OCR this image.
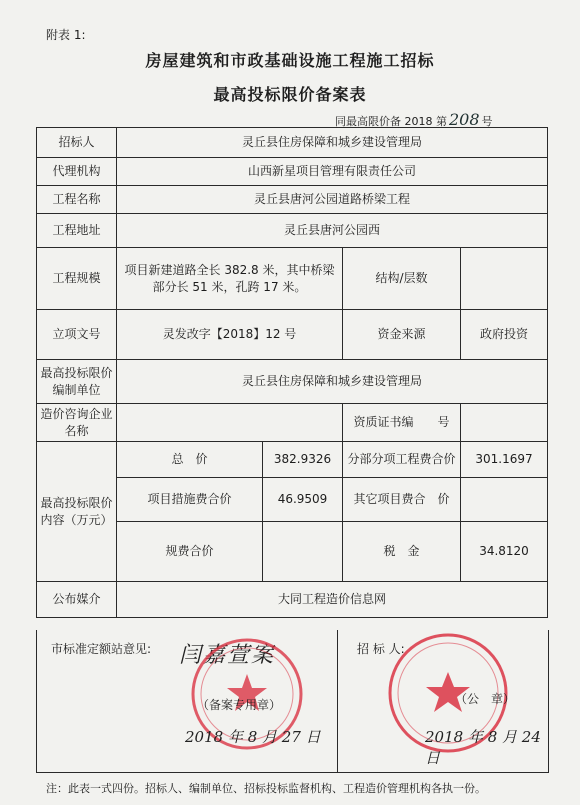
附表 1:
房屋建筑和市政基础设施工程施工招标
最高投标限价备案表
同最高限价备 2018 第 208 号
招标人	灵丘县住房保障和城乡建设管理局			
代理机构	山西新星项目管理有限责任公司			
工程名称	灵丘县唐河公园道路桥梁工程			
工程地址	灵丘县唐河公园西			
工程规模	项目新建道路全长 382.8 米，其中桥梁部分长 51 米，孔跨 17 米。		结构/层数	
立项文号	灵发改字【2018】12 号		资金来源	政府投资
最高投标限价编制单位	灵丘县住房保障和城乡建设管理局			
造价咨询企业名称			资质证书编　　号	
最高投标限价内容（万元）	总　价	382.9326	分部分项工程费合价	301.1697
	项目措施费合价	46.9509	其它项目费合　价	
	规费合价		税　金	34.8120
公布媒介	大同工程造价信息网			
市标准定额站意见: 闫嘉萱案	招 标 人:
（备案专用章）	（公　章）
2018 年 8 月 27 日	2018 年 8 月 24 日
注：此表一式四份。招标人、编制单位、招标投标监督机构、工程造价管理机构各执一份。
